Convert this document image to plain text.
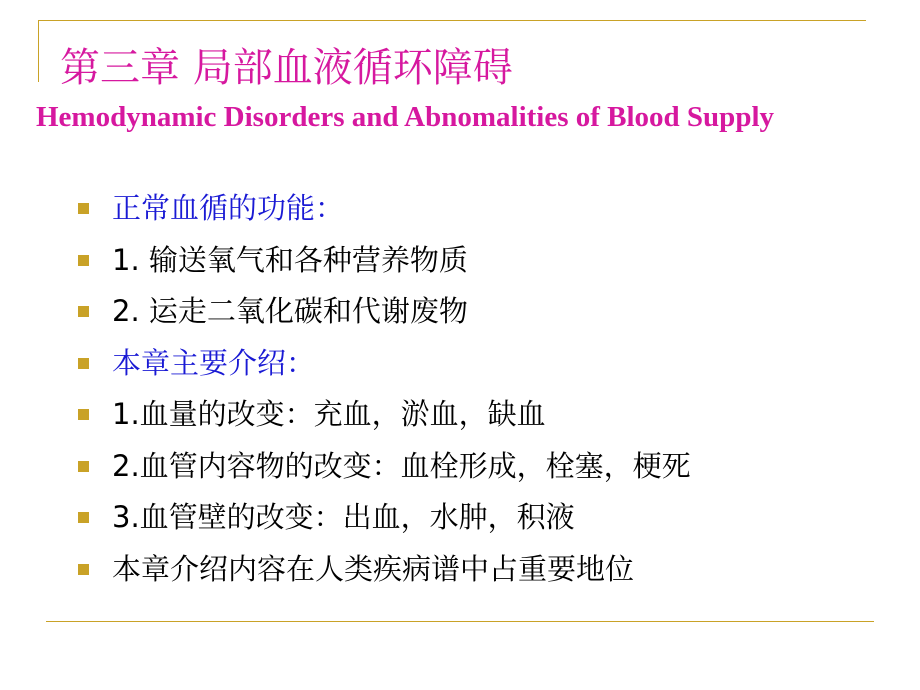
第三章 局部血液循环障碍
Hemodynamic Disorders and Abnomalities of Blood Supply
正常血循的功能：
1. 输送氧气和各种营养物质
2. 运走二氧化碳和代谢废物
本章主要介绍：
1.血量的改变：充血，淤血，缺血
2.血管内容物的改变：血栓形成，栓塞，梗死
3.血管壁的改变：出血，水肿，积液
本章介绍内容在人类疾病谱中占重要地位
